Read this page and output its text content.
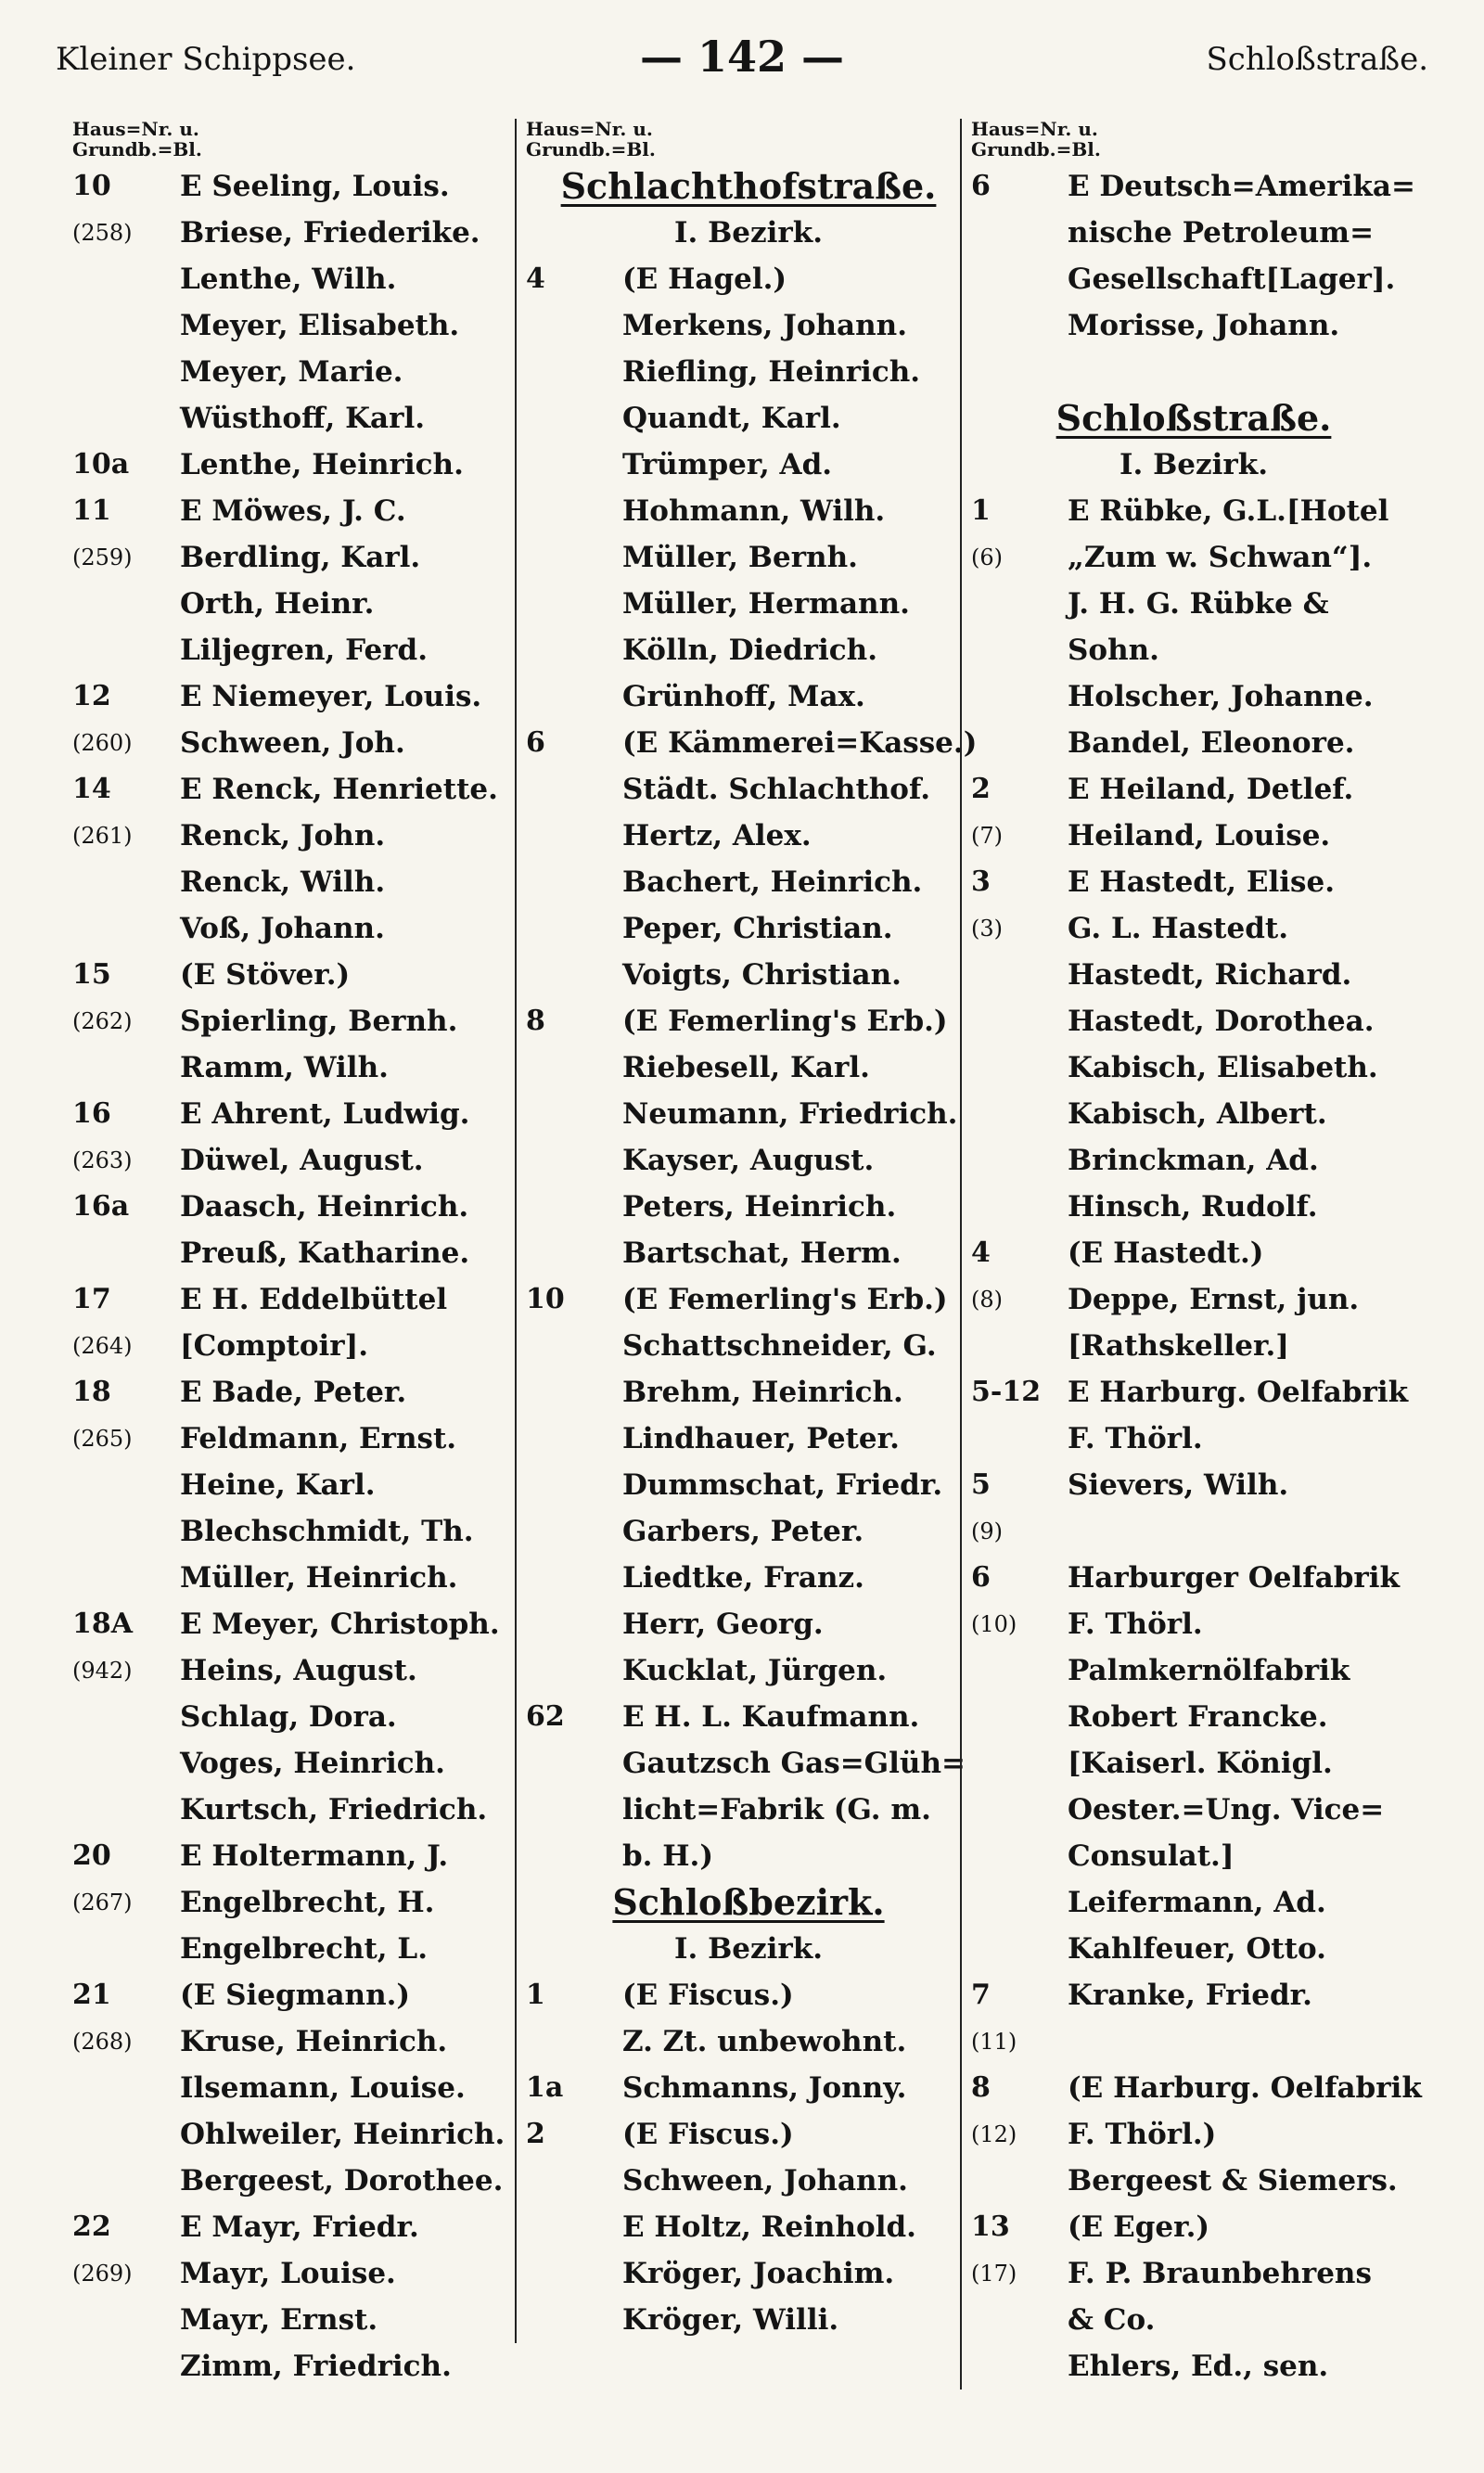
Kleiner Schippsee.	— 142 —	Schloßstraße.
Haus=Nr. u.
Grundb.=Bl.
10	E Seeling, Louis.
(258)	Briese, Friederike.
Lenthe, Wilh.
Meyer, Elisabeth.
Meyer, Marie.
Wüsthoff, Karl.
10a	Lenthe, Heinrich.
11	E Möwes, J. C.
(259)	Berdling, Karl.
Orth, Heinr.
Liljegren, Ferd.
12	E Niemeyer, Louis.
(260)	Schween, Joh.
14	E Renck, Henriette.
(261)	Renck, John.
Renck, Wilh.
Voß, Johann.
15	(E Stöver.)
(262)	Spierling, Bernh.
Ramm, Wilh.
16	E Ahrent, Ludwig.
(263)	Düwel, August.
16a	Daasch, Heinrich.
Preuß, Katharine.
17	E H. Eddelbüttel
(264)	[Comptoir].
18	E Bade, Peter.
(265)	Feldmann, Ernst.
Heine, Karl.
Blechschmidt, Th.
Müller, Heinrich.
18A	E Meyer, Christoph.
(942)	Heins, August.
Schlag, Dora.
Voges, Heinrich.
Kurtsch, Friedrich.
20	E Holtermann, J.
(267)	Engelbrecht, H.
Engelbrecht, L.
21	(E Siegmann.)
(268)	Kruse, Heinrich.
Ilsemann, Louise.
Ohlweiler, Heinrich.
Bergeest, Dorothee.
22	E Mayr, Friedr.
(269)	Mayr, Louise.
Mayr, Ernst.
Zimm, Friedrich.
Haus=Nr. u.
Grundb.=Bl.
Schlachthofstraße.
I. Bezirk.
4	(E Hagel.)
Merkens, Johann.
Riefling, Heinrich.
Quandt, Karl.
Trümper, Ad.
Hohmann, Wilh.
Müller, Bernh.
Müller, Hermann.
Kölln, Diedrich.
Grünhoff, Max.
6	(E Kämmerei=Kasse.)
Städt. Schlachthof.
Hertz, Alex.
Bachert, Heinrich.
Peper, Christian.
Voigts, Christian.
8	(E Femerling's Erb.)
Riebesell, Karl.
Neumann, Friedrich.
Kayser, August.
Peters, Heinrich.
Bartschat, Herm.
10	(E Femerling's Erb.)
Schattschneider, G.
Brehm, Heinrich.
Lindhauer, Peter.
Dummschat, Friedr.
Garbers, Peter.
Liedtke, Franz.
Herr, Georg.
Kucklat, Jürgen.
62	E H. L. Kaufmann.
Gautzsch Gas=Glüh=
licht=Fabrik (G. m.
b. H.)
Schloßbezirk.
I. Bezirk.
1	(E Fiscus.)
Z. Zt. unbewohnt.
1a	Schmanns, Jonny.
2	(E Fiscus.)
Schween, Johann.
E Holtz, Reinhold.
Kröger, Joachim.
Kröger, Willi.
Haus=Nr. u.
Grundb.=Bl.
6	E Deutsch=Amerika=
nische Petroleum=
Gesellschaft[Lager].
Morisse, Johann.
Schloßstraße.
I. Bezirk.
1	E Rübke, G.L.[Hotel
(6)	„Zum w. Schwan“].
J. H. G. Rübke &
Sohn.
Holscher, Johanne.
Bandel, Eleonore.
2	E Heiland, Detlef.
(7)	Heiland, Louise.
3	E Hastedt, Elise.
(3)	G. L. Hastedt.
Hastedt, Richard.
Hastedt, Dorothea.
Kabisch, Elisabeth.
Kabisch, Albert.
Brinckman, Ad.
Hinsch, Rudolf.
4	(E Hastedt.)
(8)	Deppe, Ernst, jun.
[Rathskeller.]
5-12 E Harburg. Oelfabrik
F. Thörl.
5	Sievers, Wilh.
(9)
6	Harburger Oelfabrik
(10)	F. Thörl.
Palmkernölfabrik
Robert Francke.
[Kaiserl. Königl.
Oester.=Ung. Vice=
Consulat.]
Leifermann, Ad.
Kahlfeuer, Otto.
7	Kranke, Friedr.
(11)
8	(E Harburg. Oelfabrik
(12)	F. Thörl.)
Bergeest & Siemers.
13	(E Eger.)
(17)	F. P. Braunbehrens
& Co.
Ehlers, Ed., sen.
